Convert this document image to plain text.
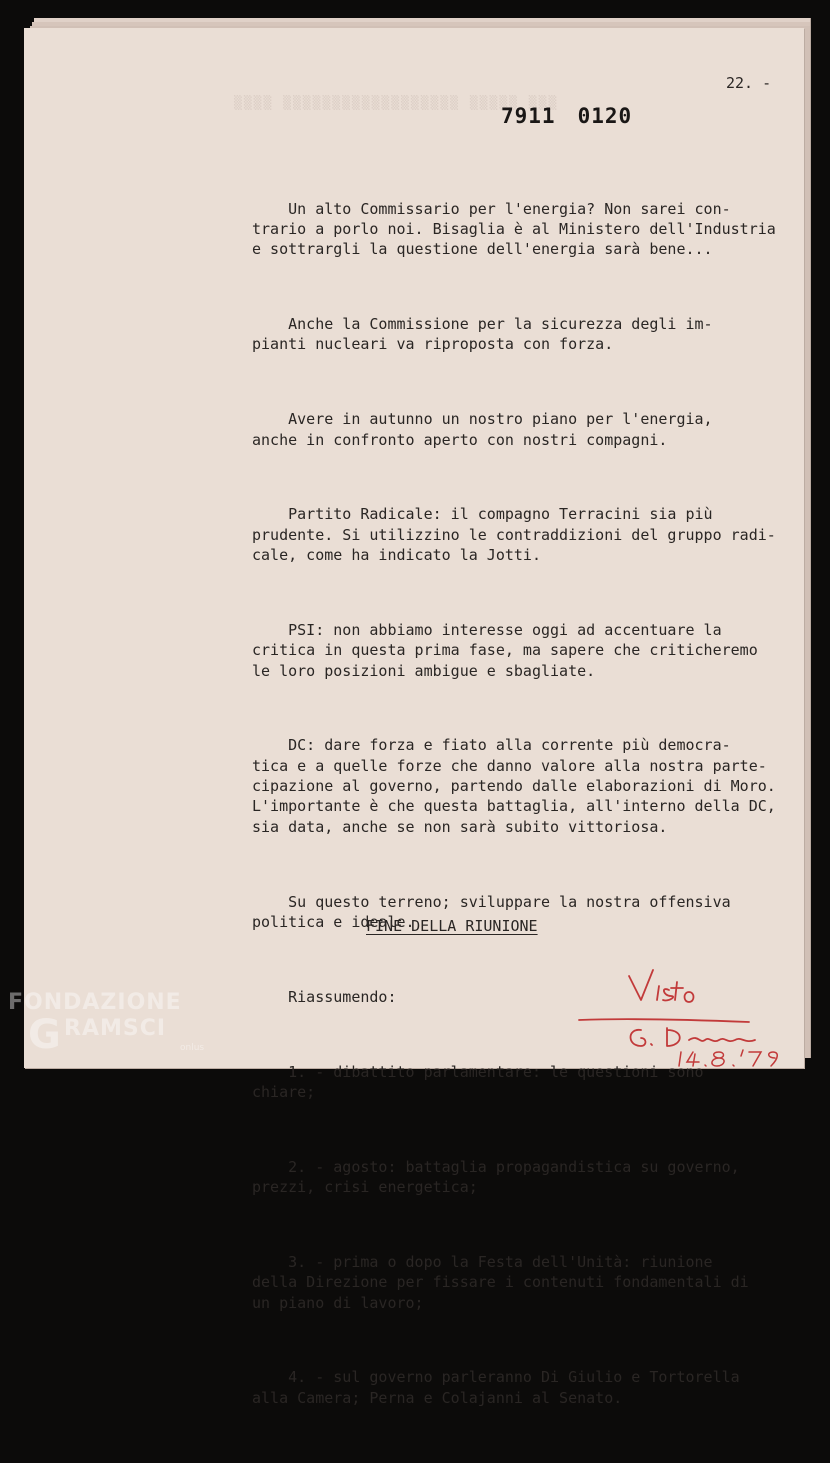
▒▒▒▒ ▒▒▒▒▒▒▒▒▒▒▒▒▒▒▒▒▒▒ ▒▒▒▒▒ ▒▒▒
22. -
7911 0120

Un alto Commissario per l'energia? Non sarei con-
trario a porlo noi. Bisaglia è al Ministero dell'Industria
e sottrargli la questione dell'energia sarà bene...

Anche la Commissione per la sicurezza degli im-
pianti nucleari va riproposta con forza.

Avere in autunno un nostro piano per l'energia,
anche in confronto aperto con nostri compagni.

Partito Radicale: il compagno Terracini sia più
prudente. Si utilizzino le contraddizioni del gruppo radi-
cale, come ha indicato la Jotti.

PSI: non abbiamo interesse oggi ad accentuare la
critica in questa prima fase, ma sapere che criticheremo
le loro posizioni ambigue e sbagliate.

DC: dare forza e fiato alla corrente più democra-
tica e a quelle forze che danno valore alla nostra parte-
cipazione al governo, partendo dalle elaborazioni di Moro.
L'importante è che questa battaglia, all'interno della DC,
sia data, anche se non sarà subito vittoriosa.

Su questo terreno; sviluppare la nostra offensiva
politica e ideale.

Riassumendo:

1. - dibattito parlamentare: le questioni sono
chiare;

2. - agosto: battaglia propagandistica su governo,
prezzi, crisi energetica;

3. - prima o dopo la Festa dell'Unità: riunione
della Direzione per fissare i contenuti fondamentali di
un piano di lavoro;

4. - sul governo parleranno Di Giulio e Tortorella
alla Camera; Perna e Colajanni al Senato.

FINE DELLA RIUNIONE
FONDAZIONE
G RAMSCI
onlus
